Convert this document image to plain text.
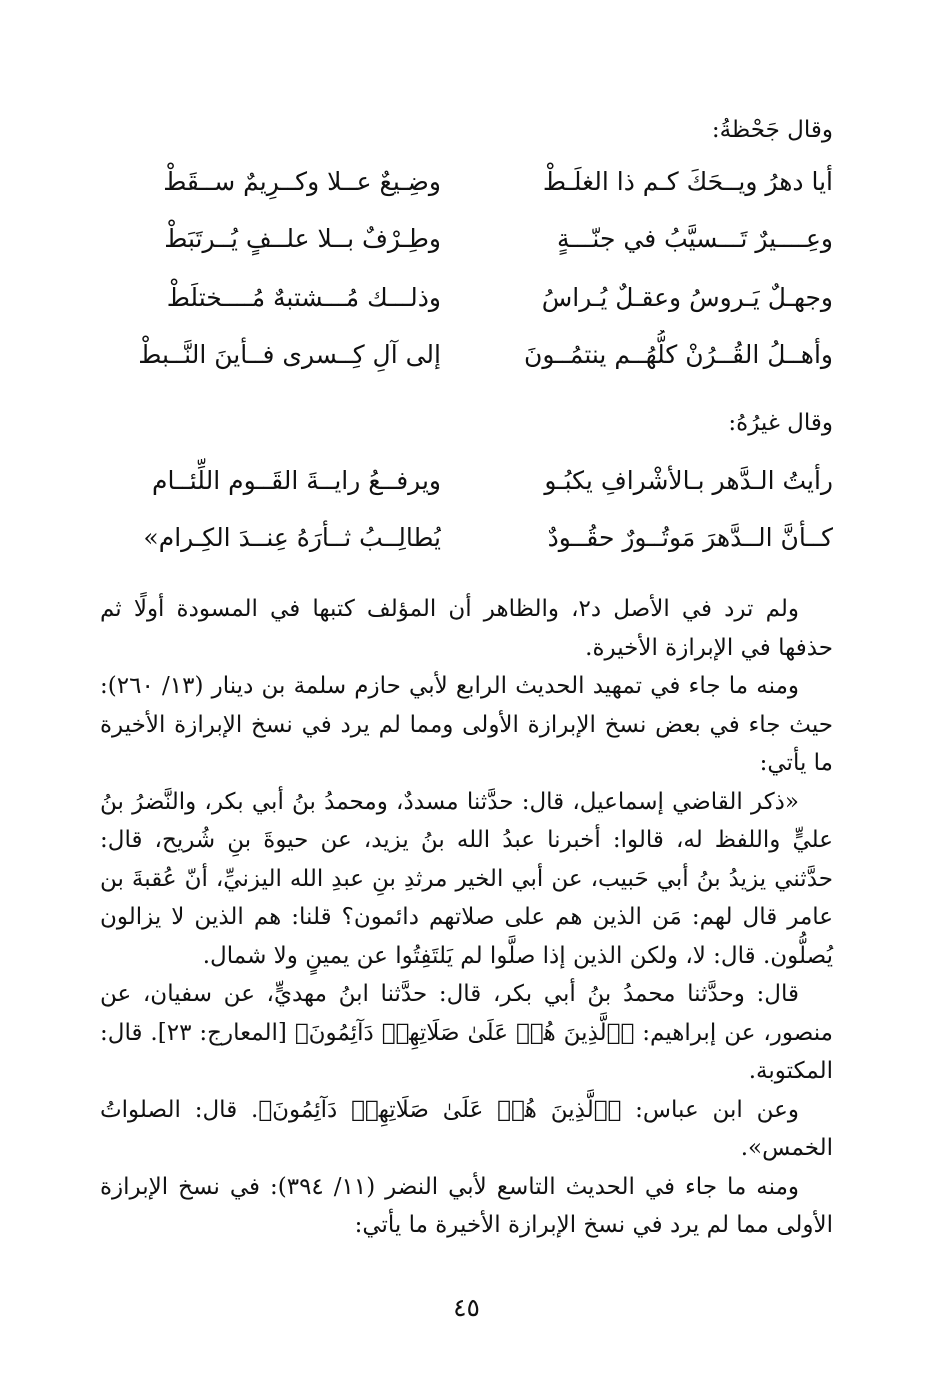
وقال جَحْظةُ:
أيا دهرُ ويــحَكَ كـم ذا الغلَـطْ
وضِـيعٌ عــلا وكــرِيمٌ ســقَطْ
وعِــــيرٌ تَـــسيَّبُ في جنّـــةٍ
وطِـرْفٌ بــلا علــفٍ يُــرتَبَطْ
وجهـلٌ يَـروسُ وعقـلٌ يُـراسُ
وذلـــك مُـــشتبهٌ مُــــختلَطْ
وأهــلُ القُــرُنْ كلُّهُــم ينتمُــونَ
إلى آلِ كِــسرى فــأينَ النَّــبطْ
وقال غيرُهُ:
رأيتُ الـدَّهر بـالأشْرافِ يكبُـو
ويرفــعُ رايــةَ القَــوم اللِّئــام
كــأنَّ الــدَّهرَ مَوتُــورٌ حقُــودٌ
يُطالِــبُ ثــأرَهُ عِنــدَ الكِـرام»

ولم ترد في الأصل د٢، والظاهر أن المؤلف كتبها في المسودة أولًا ثم حذفها في الإبرازة الأخيرة.

ومنه ما جاء في تمهيد الحديث الرابع لأبي حازم سلمة بن دينار (١٣/ ٢٦٠): حيث جاء في بعض نسخ الإبرازة الأولى ومما لم يرد في نسخ الإبرازة الأخيرة ما يأتي:

«ذكر القاضي إسماعيل، قال: حدَّثنا مسددٌ، ومحمدُ بنُ أبي بكر، والنَّضرُ بنُ عليٍّ واللفظ له، قالوا: أخبرنا عبدُ الله بنُ يزيد، عن حيوةَ بنِ شُريح، قال: حدَّثني يزيدُ بنُ أبي حَبيب، عن أبي الخير مرثدِ بنِ عبدِ الله اليزنيِّ، أنّ عُقبةَ بن عامر قال لهم: مَن الذين هم على صلاتهم دائمون؟ قلنا: هم الذين لا يزالون يُصلُّون. قال: لا، ولكن الذين إذا صلَّوا لم يَلتَفِتُوا عن يمينٍ ولا شمال.

قال: وحدَّثنا محمدُ بنُ أبي بكر، قال: حدَّثنا ابنُ مهديٍّ، عن سفيان، عن منصور، عن إبراهيم: ﴿ٱلَّذِينَ هُمۡ عَلَىٰ صَلَاتِهِمۡ دَآئِمُونَ﴾ [المعارج: ٢٣]. قال: المكتوبة.

وعن ابن عباس: ﴿ٱلَّذِينَ هُمۡ عَلَىٰ صَلَاتِهِمۡ دَآئِمُونَ﴾. قال: الصلواتُ الخمس».

ومنه ما جاء في الحديث التاسع لأبي النضر (١١/ ٣٩٤): في نسخ الإبرازة الأولى مما لم يرد في نسخ الإبرازة الأخيرة ما يأتي:

٤٥
